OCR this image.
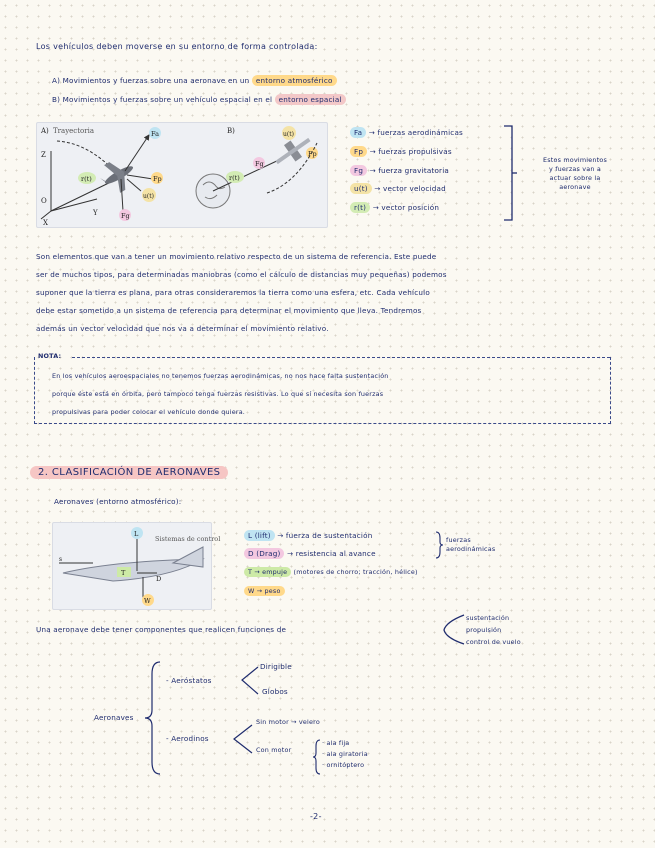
Los vehículos deben moverse en su entorno de forma controlada:
A) Movimientos y fuerzas sobre una aeronave en un entorno atmosférico
B) Movimientos y fuerzas sobre un vehículo espacial en el entorno espacial
A) Trayectoria
Z
X
Y
O
r(t)
Fa
Fp
Fg
u(t)
B)
r(t)
u(t)
Fp
Fg
Fa → fuerzas aerodinámicas
Fp → fuerzas propulsivas
Fg → fuerza gravitatoria
u(t) → vector velocidad
r(t) → vector posición
Estos movimientos
y fuerzas van a
actuar sobre la
aeronave
Son elementos que van a tener un movimiento relativo respecto de un sistema de referencia. Este puede
ser de muchos tipos, para determinadas maniobras (como el cálculo de distancias muy pequeñas) podemos
suponer que la tierra es plana, para otras consideraremos la tierra como una esfera, etc. Cada vehículo
debe estar sometido a un sistema de referencia para determinar el movimiento que lleva. Tendremos
además un vector velocidad que nos va a determinar el movimiento relativo.
NOTA:
En los vehículos aeroespaciales no tenemos fuerzas aerodinámicas, no nos hace falta sustentación
porque éste está en órbita, pero tampoco tenga fuerzas resistivas. Lo que sí necesita son fuerzas
propulsivas para poder colocar el vehículo donde quiera.
2. CLASIFICACIÓN DE AERONAVES
Aeronaves (entorno atmosférico):
T
L
D
W
s
Sistemas de control	L (lift) → fuerza de sustentación
D (Drag) → resistencia al avance
T → empuje (motores de chorro; tracción, hélice)
W → peso
fuerzas
aerodinámicas
Una aeronave debe tener componentes que realicen funciones de
sustentación
propulsión
control de vuelo
Aeronaves
- Aeróstatos
Dirigible
Globos
- Aerodinos
Sin motor → velero
Con motor
· ala fija
· ala giratoria
· ornitóptero
-2-
